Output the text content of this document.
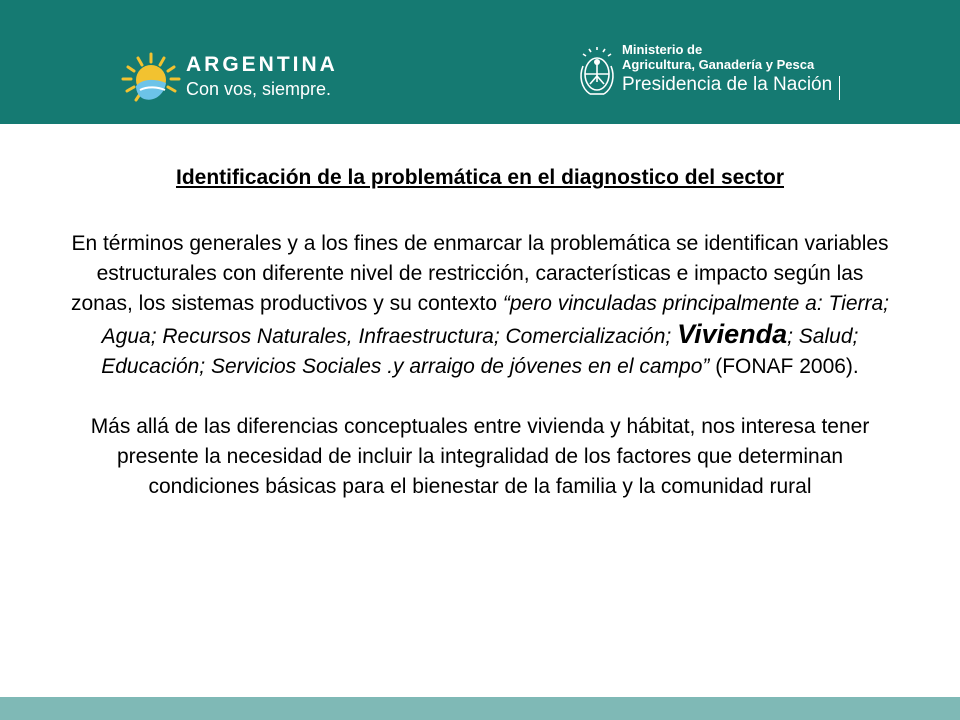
ARGENTINA
Con vos, siempre.
Ministerio de
Agricultura, Ganadería y Pesca
Presidencia de la Nación
Identificación de la problemática en el diagnostico del sector

En términos generales y a los fines de enmarcar la problemática se identifican variables estructurales con diferente nivel de restricción, características e impacto según las zonas, los sistemas productivos y su contexto “pero vinculadas principalmente a: Tierra; Agua; Recursos Naturales, Infraestructura; Comercialización; Vivienda; Salud; Educación; Servicios Sociales .y arraigo de jóvenes en el campo” (FONAF 2006).

Más allá de las diferencias conceptuales entre vivienda y hábitat, nos interesa tener presente la necesidad de incluir la integralidad de los factores que determinan condiciones básicas para el bienestar de la familia y la comunidad rural
